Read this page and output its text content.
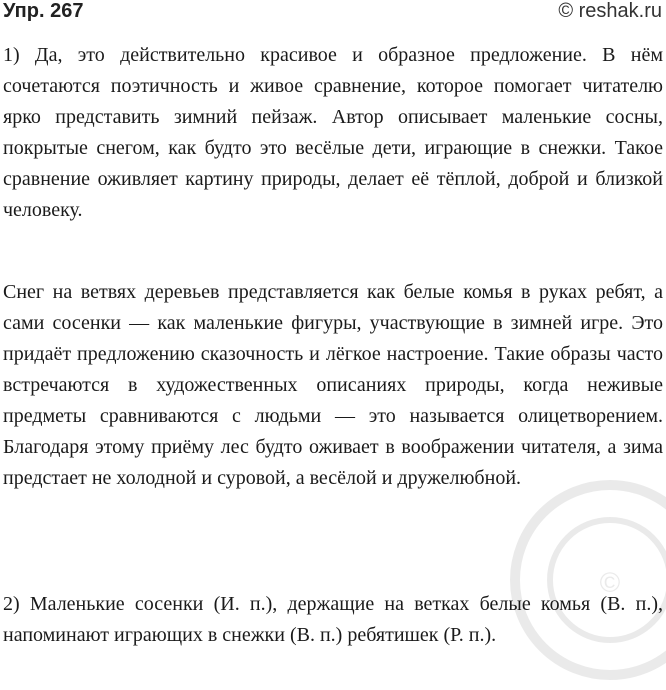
Упр. 267	© reshak.ru

1) Да, это действительно красивое и образное предложение. В нём сочетаются поэтичность и живое сравнение, которое помогает читателю ярко представить зимний пейзаж. Автор описывает маленькие сосны, покрытые снегом, как будто это весёлые дети, играющие в снежки. Такое сравнение оживляет картину природы, делает её тёплой, доброй и близкой человеку.

Снег на ветвях деревьев представляется как белые комья в руках ребят, а сами сосенки — как маленькие фигуры, участвующие в зимней игре. Это придаёт предложению сказочность и лёгкое настроение. Такие образы часто встречаются в художественных описаниях природы, когда неживые предметы сравниваются с людьми — это называется олицетворением. Благодаря этому приёму лес будто оживает в воображении читателя, а зима предстает не холодной и суровой, а весёлой и дружелюбной.

2) Маленькие сосенки (И. п.), держащие на ветках белые комья (В. п.), напоминают играющих в снежки (В. п.) ребятишек (Р. п.).

©
